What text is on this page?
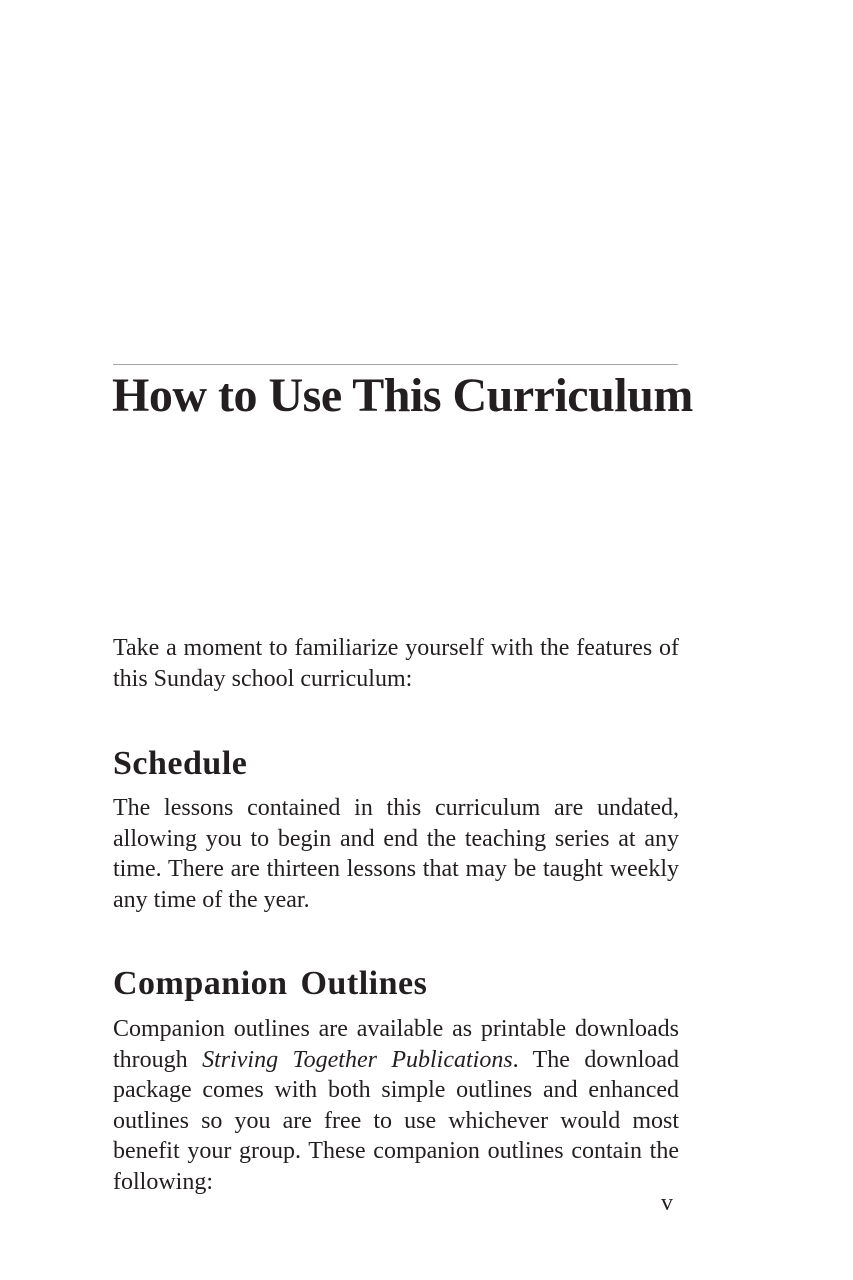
How to Use This Curriculum

Take a moment to familiarize yourself with the features of this Sunday school curriculum:

Schedule

The lessons contained in this curriculum are undated, allowing you to begin and end the teaching series at any time. There are thirteen lessons that may be taught weekly any time of the year.

Companion Outlines

Companion outlines are available as printable downloads through Striving Together Publications. The download package comes with both simple outlines and enhanced outlines so you are free to use whichever would most benefit your group. These companion outlines contain the following:

v
